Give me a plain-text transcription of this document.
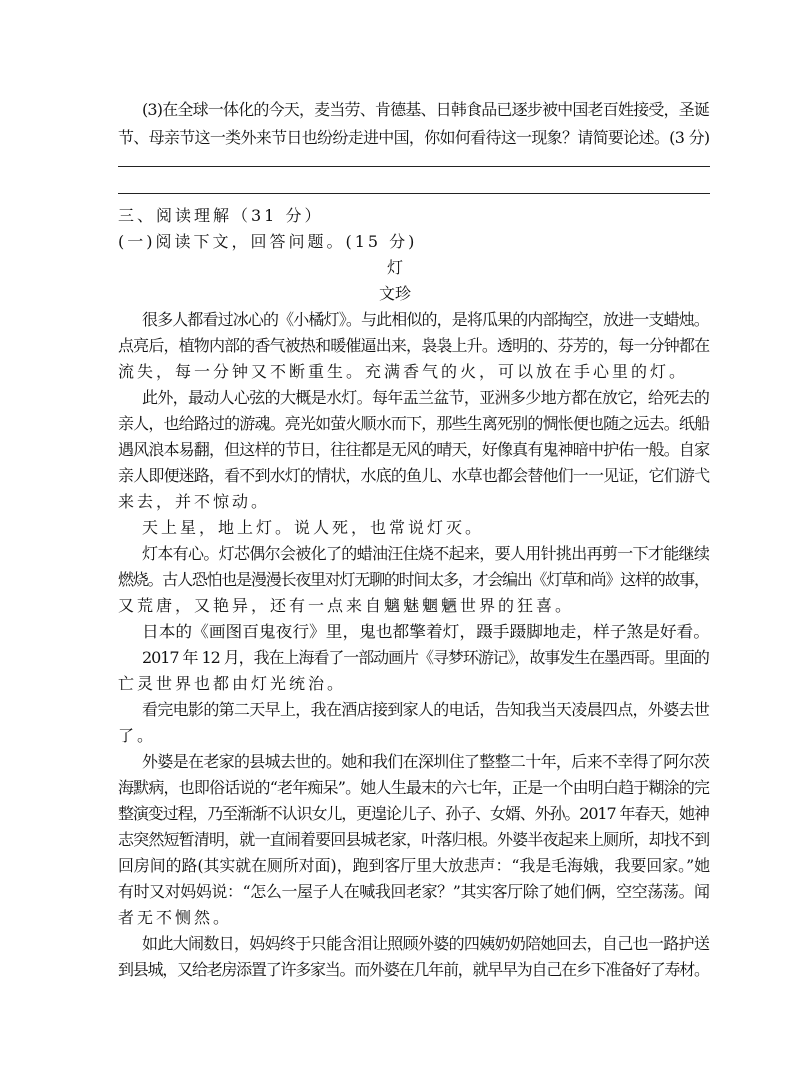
(3)在全球一体化的今天，麦当劳、肯德基、日韩食品已逐步被中国老百姓接受，圣诞
节、母亲节这一类外来节日也纷纷走进中国，你如何看待这一现象？请简要论述。(3 分)
三、阅读理解（31 分）
(一)阅读下文，回答问题。(15 分)
灯
文珍
很多人都看过冰心的《小橘灯》。与此相似的，是将瓜果的内部掏空，放进一支蜡烛。
点亮后，植物内部的香气被热和暖催逼出来，袅袅上升。透明的、芬芳的，每一分钟都在
流失，每一分钟又不断重生。充满香气的火，可以放在手心里的灯。
此外，最动人心弦的大概是水灯。每年盂兰盆节，亚洲多少地方都在放它，给死去的
亲人，也给路过的游魂。亮光如萤火顺水而下，那些生离死别的惆怅便也随之远去。纸船
遇风浪本易翻，但这样的节日，往往都是无风的晴天，好像真有鬼神暗中护佑一般。自家
亲人即便迷路，看不到水灯的情状，水底的鱼儿、水草也都会替他们一一见证，它们游弋
来去，并不惊动。
天上星，地上灯。说人死，也常说灯灭。
灯本有心。灯芯偶尔会被化了的蜡油汪住烧不起来，要人用针挑出再剪一下才能继续
燃烧。古人恐怕也是漫漫长夜里对灯无聊的时间太多，才会编出《灯草和尚》这样的故事，
又荒唐，又艳异，还有一点来自魑魅魍魉世界的狂喜。
日本的《画图百鬼夜行》里，鬼也都擎着灯，蹑手蹑脚地走，样子煞是好看。
2017 年 12 月，我在上海看了一部动画片《寻梦环游记》，故事发生在墨西哥。里面的
亡灵世界也都由灯光统治。
看完电影的第二天早上，我在酒店接到家人的电话，告知我当天凌晨四点，外婆去世
了。
外婆是在老家的县城去世的。她和我们在深圳住了整整二十年，后来不幸得了阿尔茨
海默病，也即俗话说的“老年痴呆”。她人生最末的六七年，正是一个由明白趋于糊涂的完
整演变过程，乃至渐渐不认识女儿，更遑论儿子、孙子、女婿、外孙。2017 年春天，她神
志突然短暂清明，就一直闹着要回县城老家，叶落归根。外婆半夜起来上厕所，却找不到
回房间的路(其实就在厕所对面)，跑到客厅里大放悲声：“我是毛海娥，我要回家。”她
有时又对妈妈说：“怎么一屋子人在喊我回老家？”其实客厅除了她们俩，空空荡荡。闻
者无不恻然。
如此大闹数日，妈妈终于只能含泪让照顾外婆的四姨奶奶陪她回去，自己也一路护送
到县城，又给老房添置了许多家当。而外婆在几年前，就早早为自己在乡下准备好了寿材。
